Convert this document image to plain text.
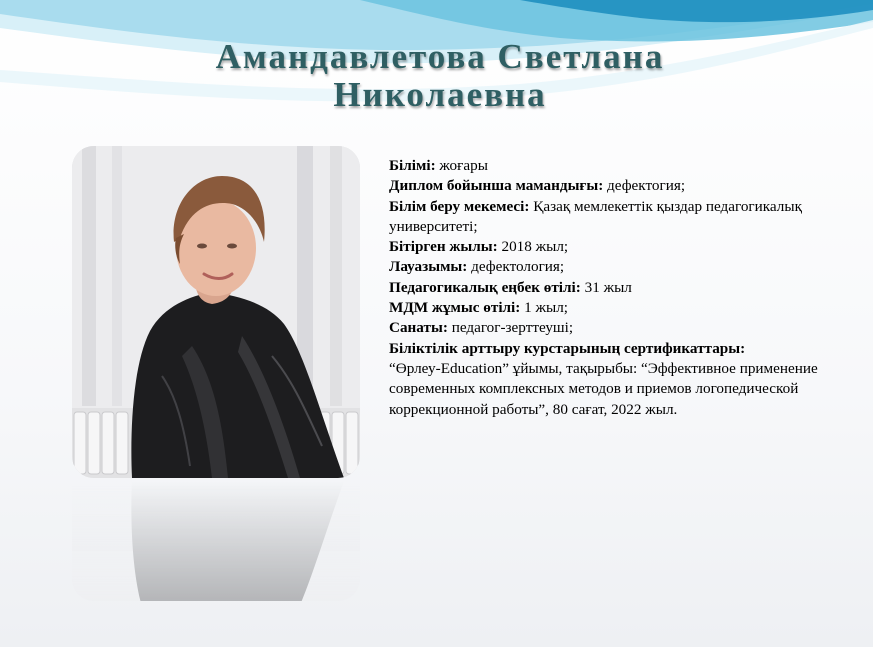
Амандавлетова Светлана
Николаевна

Білімі: жоғары

Диплом бойынша мамандығы: дефектогия;

Білім беру мекемесі: Қазақ мемлекеттік қыздар педагогикалық университеті;

Бітірген жылы: 2018 жыл;

Лауазымы: дефектология;

Педагогикалық еңбек өтілі: 31 жыл

МДМ жұмыс өтілі: 1 жыл;

Санаты: педагог-зерттеуші;

Біліктілік арттыру курстарының сертификаттары:

“Өрлеу-Education” ұйымы, тақырыбы: “Эффективное применение современных комплексных методов и приемов логопедической коррекционной работы”, 80 сағат, 2022 жыл.
